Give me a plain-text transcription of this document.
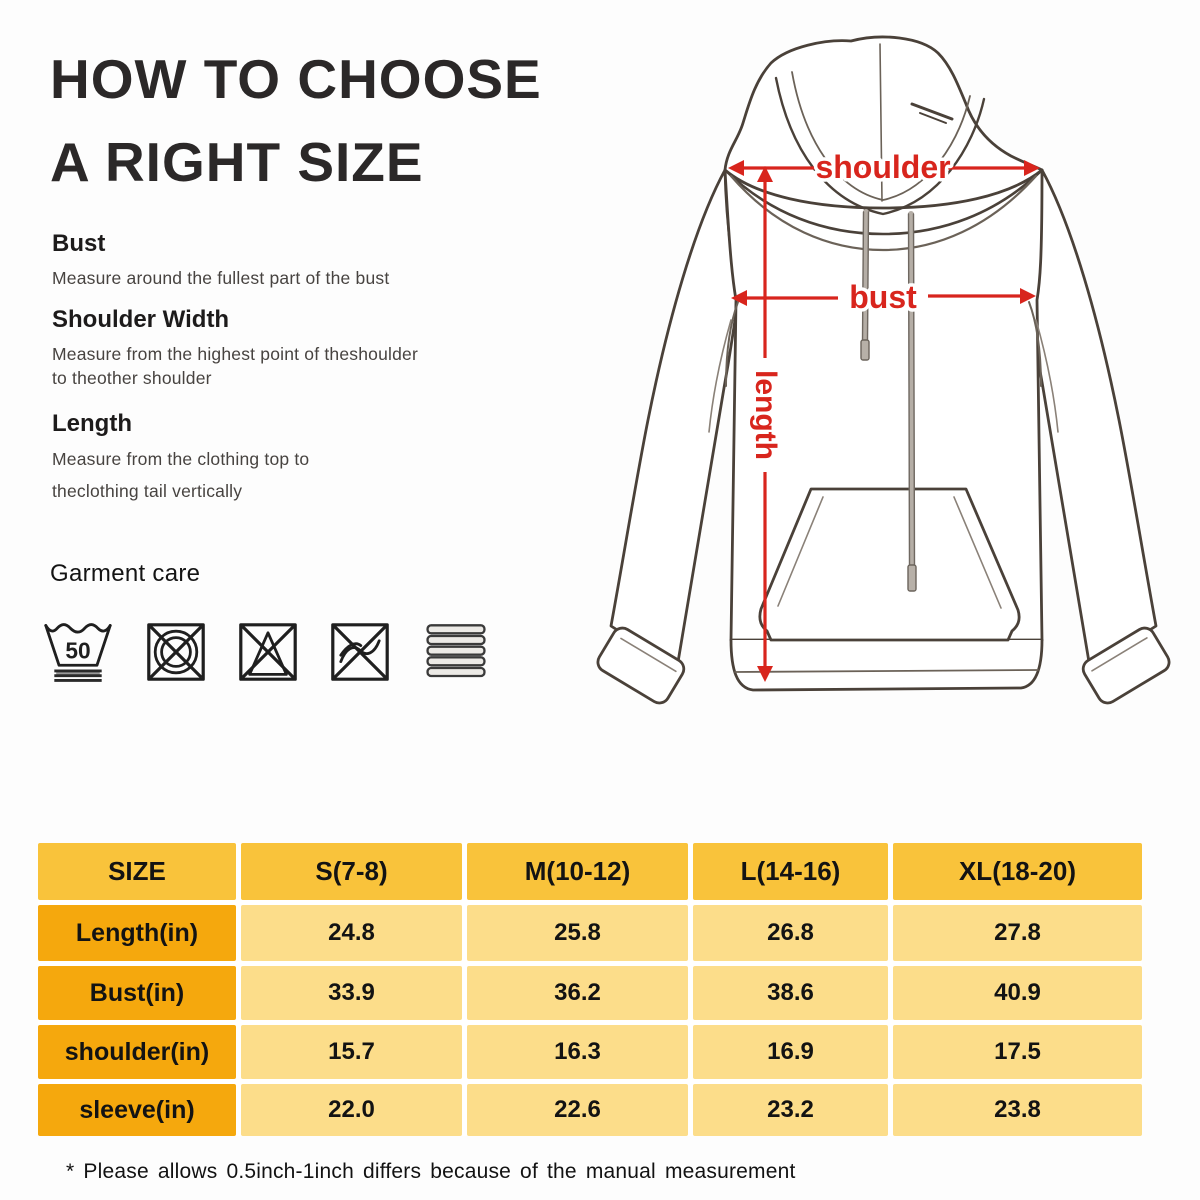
HOW TO CHOOSE
A RIGHT SIZE
Bust
Measure around the fullest part of the bust
Shoulder Width
Measure from the highest point of theshoulder
to theother shoulder
Length
Measure from the clothing top to
theclothing tail vertically
Garment care
50
shoulder
bust
length
SIZE	S(7-8)	M(10-12)	L(14-16)	XL(18-20)
Length(in)	24.8	25.8	26.8	27.8
Bust(in)	33.9	36.2	38.6	40.9
shoulder(in)	15.7	16.3	16.9	17.5
sleeve(in)	22.0	22.6	23.2	23.8
* Please allows 0.5inch-1inch differs because of the manual measurement
